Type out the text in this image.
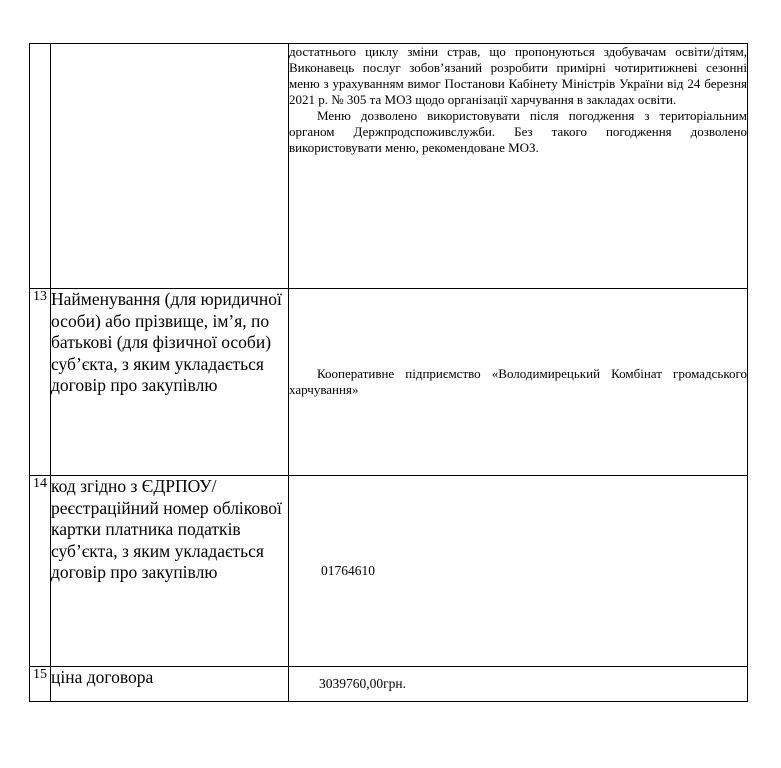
		достатнього циклу зміни страв, що пропонуються здобувачам освіти/дітям, Виконавець послуг зобов’язаний розробити примірні чотиритижневі сезонні меню з урахуванням вимог Постанови Кабінету Міністрів України від 24 березня 2021 р. № 305 та МОЗ щодо організації харчування в закладах освіти.

Меню дозволено використовувати після погодження з територіальним органом Держпродспоживслужби. Без такого погодження дозволено використовувати меню, рекомендоване МОЗ.

13	Найменування (для юридичної особи) або прізвище, ім’я, по батькові (для фізичної особи) суб’єкта, з яким укладається договір про закупівлю	Кооперативне підприємство «Володимирецький Комбінат громадського харчування»

14	код згідно з ЄДРПОУ/реєстраційний номер облікової картки платника податків суб’єкта, з яким укладається договір про закупівлю	01764610
15	ціна договора	3039760,00грн.
